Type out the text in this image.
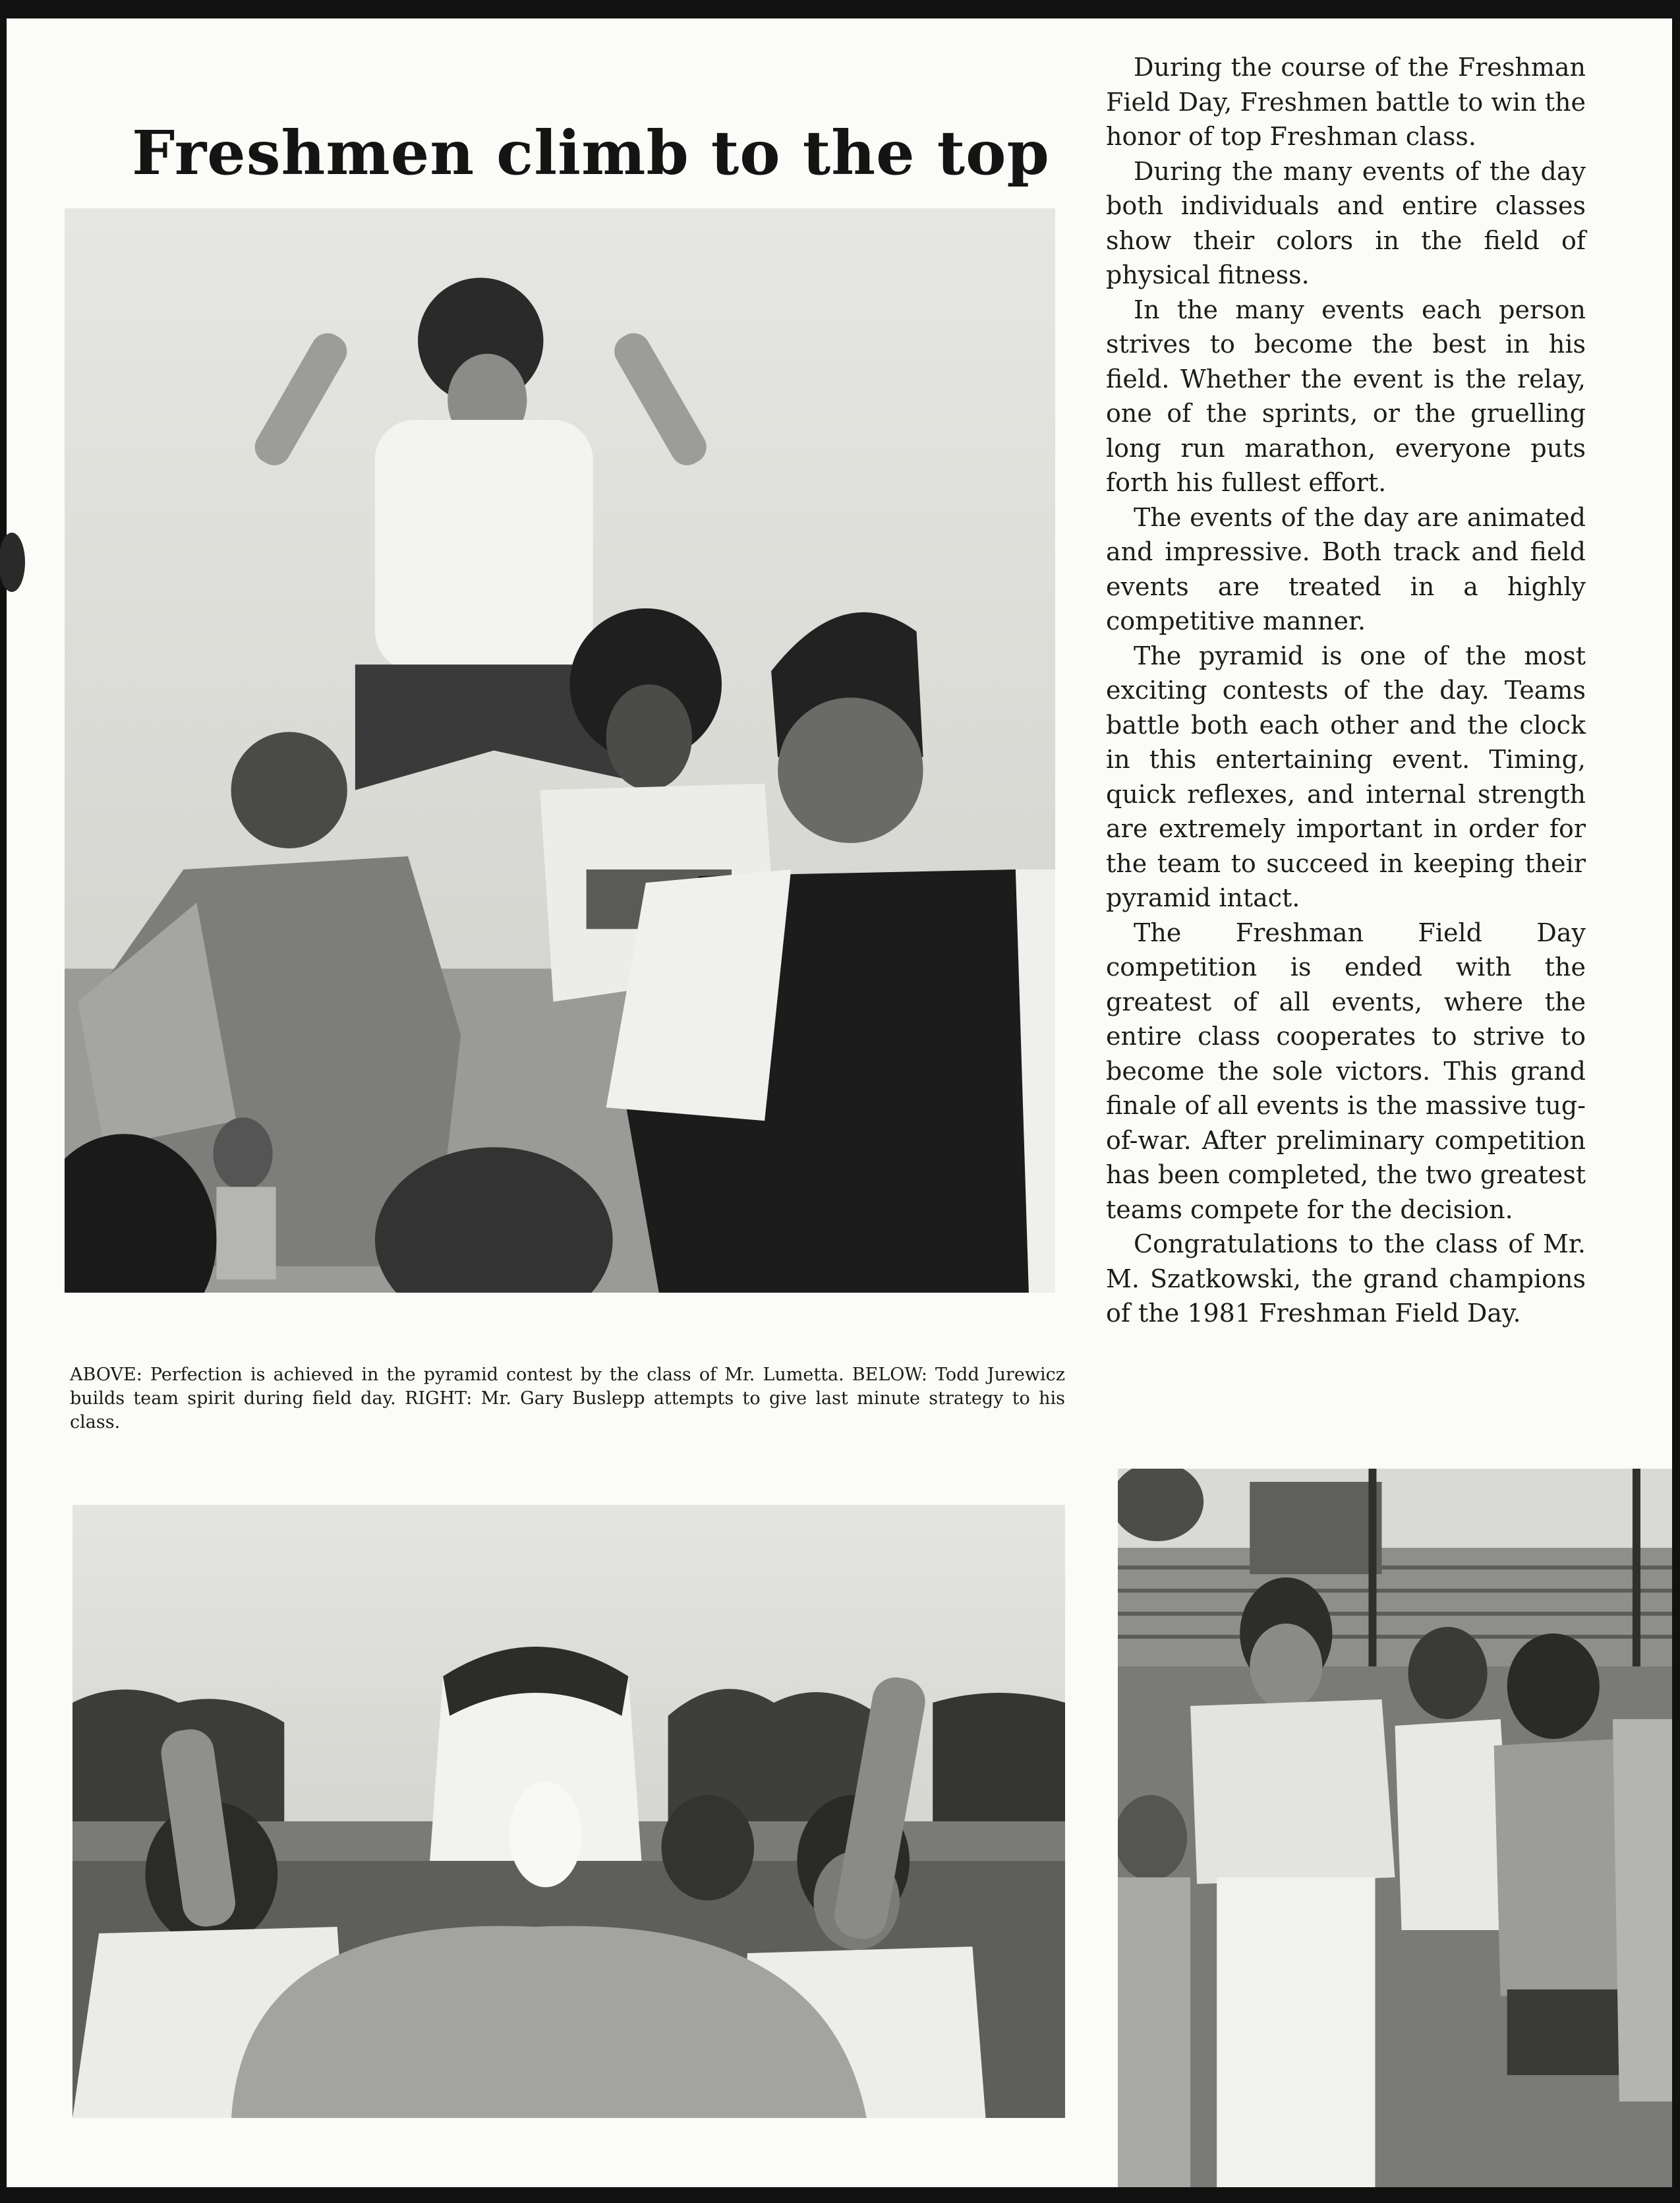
Freshmen climb to the top
ABOVE: Perfection is achieved in the pyramid contest by the class of Mr. Lumetta. BELOW: Todd Jurewicz builds team spirit during field day. RIGHT: Mr. Gary Buslepp attempts to give last minute strategy to his class.

During the course of the Freshman Field Day, Freshmen battle to win the honor of top Freshman class.

During the many events of the day both individuals and entire classes show their colors in the field of physical fitness.

In the many events each person strives to become the best in his field. Whether the event is the relay, one of the sprints, or the gruelling long run marathon, everyone puts forth his fullest effort.

The events of the day are animated and impressive. Both track and field events are treated in a highly competitive manner.

The pyramid is one of the most exciting contests of the day. Teams battle both each other and the clock in this entertaining event. Timing, quick reflexes, and internal strength are extremely important in order for the team to succeed in keeping their pyramid intact.

The Freshman Field Day competition is ended with the greatest of all events, where the entire class cooperates to strive to become the sole victors. This grand finale of all events is the massive tug-of-war. After preliminary competition has been completed, the two greatest teams compete for the decision.

Congratulations to the class of Mr. M. Szatkowski, the grand champions of the 1981 Freshman Field Day.
